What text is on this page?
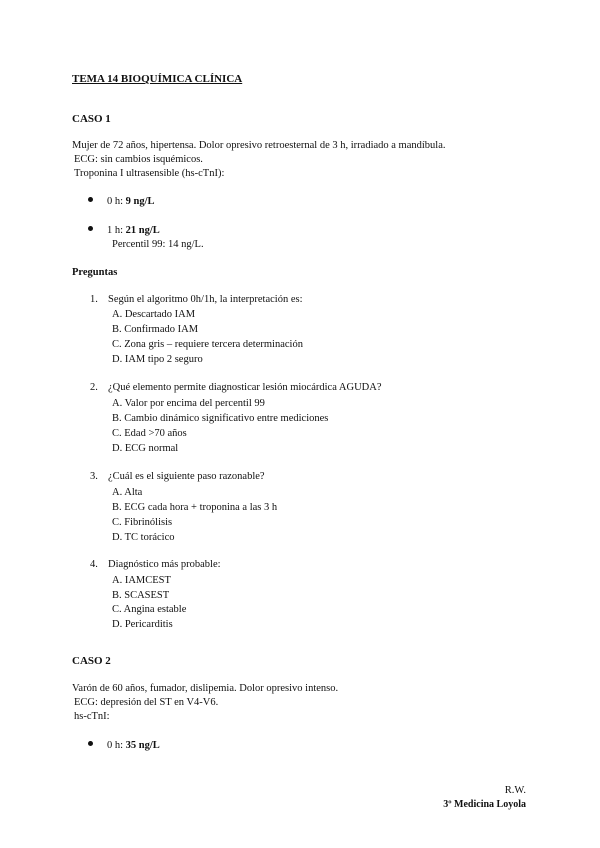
TEMA 14 BIOQUÍMICA CLÍNICA
CASO 1
Mujer de 72 años, hipertensa. Dolor opresivo retroesternal de 3 h, irradiado a mandíbula.
ECG: sin cambios isquémicos.
Troponina I ultrasensible (hs-cTnI):
0 h: 9 ng/L
1 h: 21 ng/L
Percentil 99: 14 ng/L.
Preguntas
1. Según el algoritmo 0h/1h, la interpretación es:
A. Descartado IAM
B. Confirmado IAM
C. Zona gris – requiere tercera determinación
D. IAM tipo 2 seguro
2. ¿Qué elemento permite diagnosticar lesión miocárdica AGUDA?
A. Valor por encima del percentil 99
B. Cambio dinámico significativo entre mediciones
C. Edad >70 años
D. ECG normal
3. ¿Cuál es el siguiente paso razonable?
A. Alta
B. ECG cada hora + troponina a las 3 h
C. Fibrinólisis
D. TC torácico
4. Diagnóstico más probable:
A. IAMCEST
B. SCASEST
C. Angina estable
D. Pericarditis
CASO 2
Varón de 60 años, fumador, dislipemia. Dolor opresivo intenso.
ECG: depresión del ST en V4-V6.
hs-cTnI:
0 h: 35 ng/L
R.W.
3º Medicina Loyola
